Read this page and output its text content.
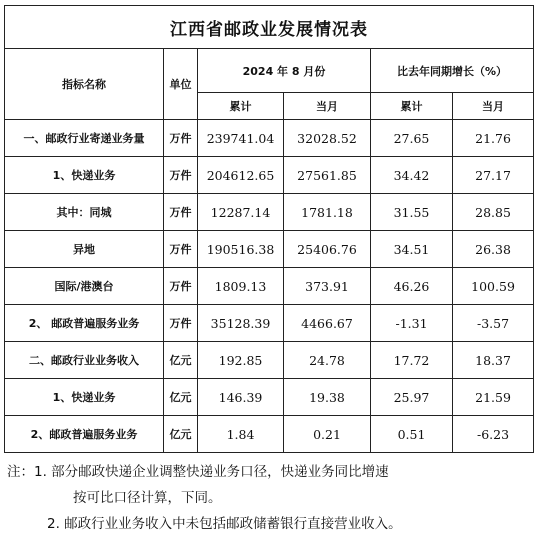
江西省邮政业发展情况表					
指标名称	单位	2024 年 8 月份		比去年同期增长（%）	
		累计	当月	累计	当月
一、邮政行业寄递业务量	万件	239741.04	32028.52	27.65	21.76
1、快递业务	万件	204612.65	27561.85	34.42	27.17
其中：同城	万件	12287.14	1781.18	31.55	28.85
异地	万件	190516.38	25406.76	34.51	26.38
国际/港澳台	万件	1809.13	373.91	46.26	100.59
2、 邮政普遍服务业务	万件	35128.39	4466.67	-1.31	-3.57
二、邮政行业业务收入	亿元	192.85	24.78	17.72	18.37
1、快递业务	亿元	146.39	19.38	25.97	21.59
2、邮政普遍服务业务	亿元	1.84	0.21	0.51	-6.23
注：1. 部分邮政快递企业调整快递业务口径，快递业务同比增速
按可比口径计算，下同。
2. 邮政行业业务收入中未包括邮政储蓄银行直接营业收入。
